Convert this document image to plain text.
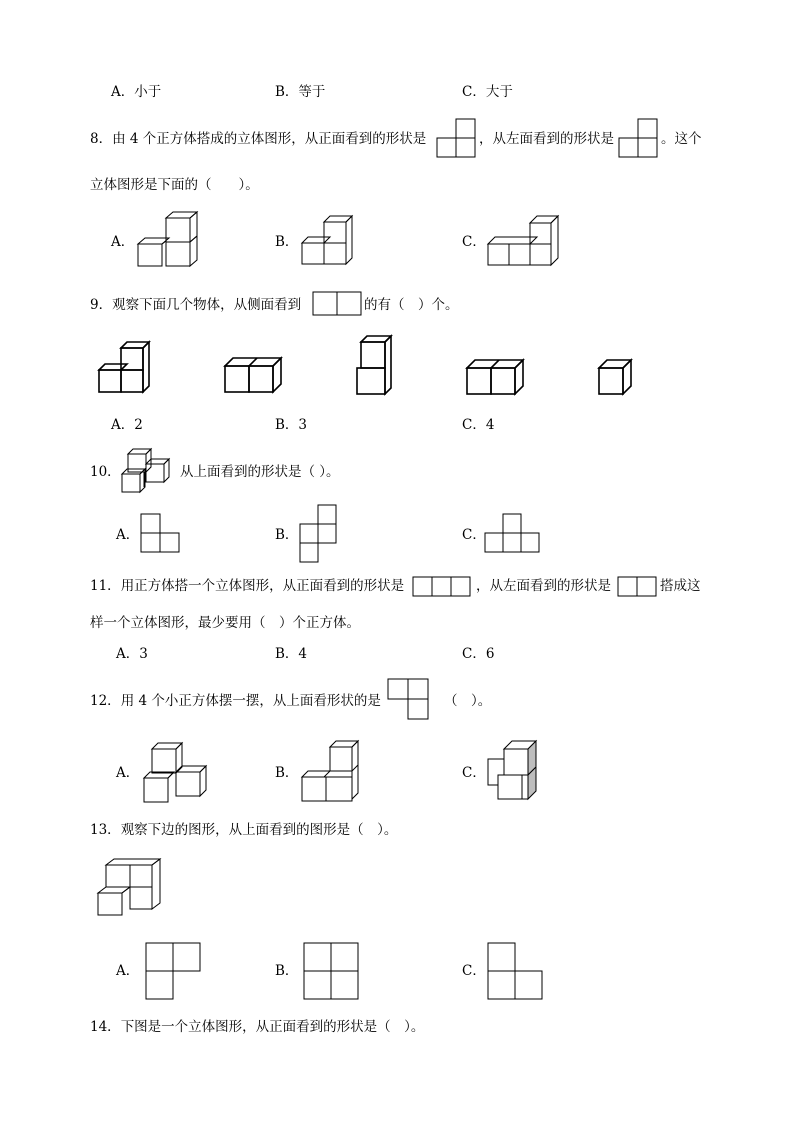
A．小于	B．等于	C．大于
8．由 4 个正方体搭成的立体图形，从正面看到的形状是	，从左面看到的形状是	。这个
立体图形是下面的（　　）。
A．	B．	C．
9．观察下面几个物体，从侧面看到	的有（　）个。
A．2	B．3	C．4
10．	从上面看到的形状是（ ）。
A．	B．	C．
11．用正方体搭一个立体图形，从正面看到的形状是	，从左面看到的形状是	搭成这
样一个立体图形，最少要用（　）个正方体。
A．3	B．4	C．6
12．用 4 个小正方体摆一摆，从上面看形状的是	（　）。
A．	B．	C．
13．观察下边的图形，从上面看到的图形是（　）。
A．	B．	C．
14．下图是一个立体图形，从正面看到的形状是（　）。
